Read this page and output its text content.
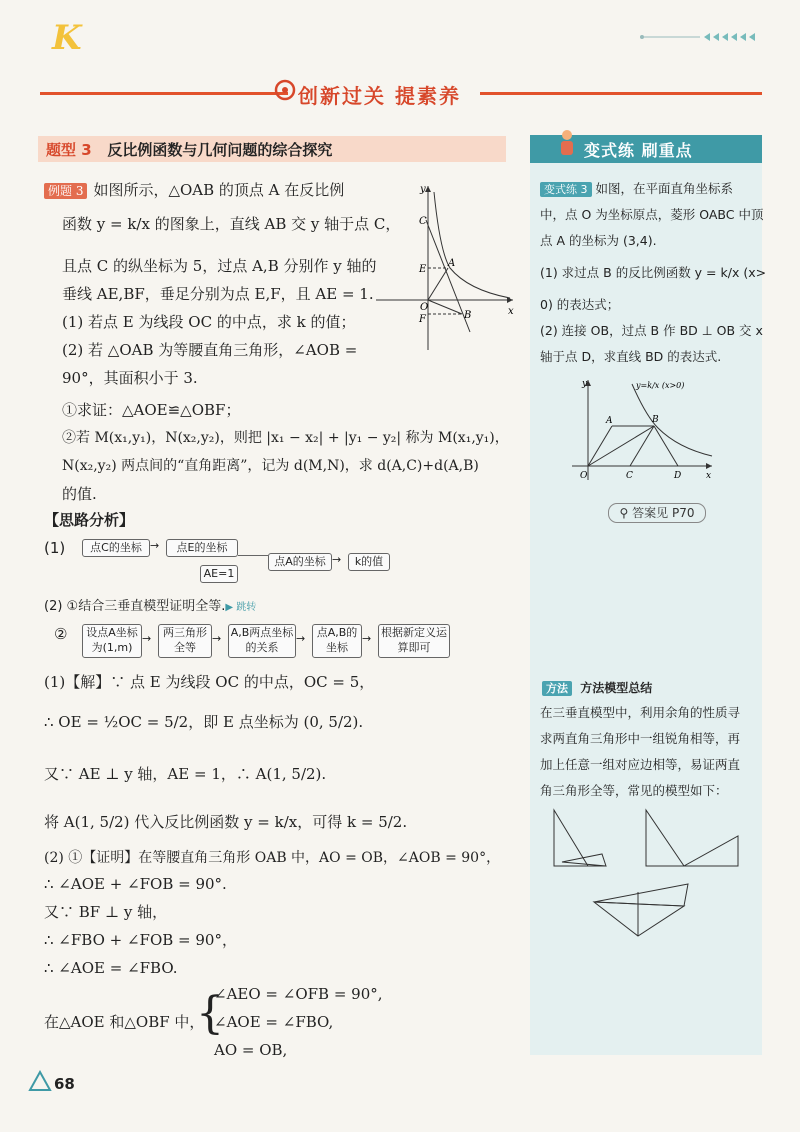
K
创新过关 提素养
题型 3 反比例函数与几何问题的综合探究
例题 3 如图所示，△OAB 的顶点 A 在反比例
函数 y = k/x 的图象上，直线 AB 交 y 轴于点 C，
且点 C 的纵坐标为 5，过点 A,B 分别作 y 轴的
垂线 AE,BF，垂足分别为点 E,F，且 AE = 1.
(1) 若点 E 为线段 OC 的中点，求 k 的值；
(2) 若 △OAB 为等腰直角三角形，∠AOB =
90°，其面积小于 3.
①求证：△AOE≌△OBF；
②若 M(x₁,y₁)，N(x₂,y₂)，则把 |x₁ − x₂| + |y₁ − y₂| 称为 M(x₁,y₁)，
N(x₂,y₂) 两点间的“直角距离”，记为 d(M,N)，求 d(A,C)+d(A,B)
的值.
y
x
C
E
A
O
F	B
【思路分析】
(1)	点C的坐标 →	点E的坐标
AE=1
点A的坐标 →	k的值
(2) ①结合三垂直模型证明全等.▶ 跳转
②	设点A坐标为(1,m)
→	两三角形全等
→ A,B两点坐标的关系
→	点A,B的坐标
→ 根据新定义运算即可
(1)【解】∵ 点 E 为线段 OC 的中点，OC = 5，
∴ OE = ½OC = 5/2，即 E 点坐标为 (0, 5/2).
又∵ AE ⊥ y 轴，AE = 1，∴ A(1, 5/2).
将 A(1, 5/2) 代入反比例函数 y = k/x，可得 k = 5/2.
(2) ①【证明】在等腰直角三角形 OAB 中，AO = OB，∠AOB = 90°，
∴ ∠AOE + ∠FOB = 90°.
又∵ BF ⊥ y 轴，
∴ ∠FBO + ∠FOB = 90°，
∴ ∠AOE = ∠FBO.
在△AOE 和△OBF 中，
{
∠AEO = ∠OFB = 90°,
∠AOE = ∠FBO,
AO = OB,
变式练 刷重点
变式练 3 如图，在平面直角坐标系
中，点 O 为坐标原点，菱形 OABC 中顶
点 A 的坐标为 (3,4).
(1) 求过点 B 的反比例函数 y = k/x (x>
0) 的表达式；
(2) 连接 OB，过点 B 作 BD ⊥ OB 交 x
轴于点 D，求直线 BD 的表达式.
y
x
O
A	B
C	D
y=k/x (x>0)
⚲ 答案见 P70
方法 方法模型总结
在三垂直模型中，利用余角的性质寻
求两直角三角形中一组锐角相等，再
加上任意一组对应边相等，易证两直
角三角形全等，常见的模型如下：
68
